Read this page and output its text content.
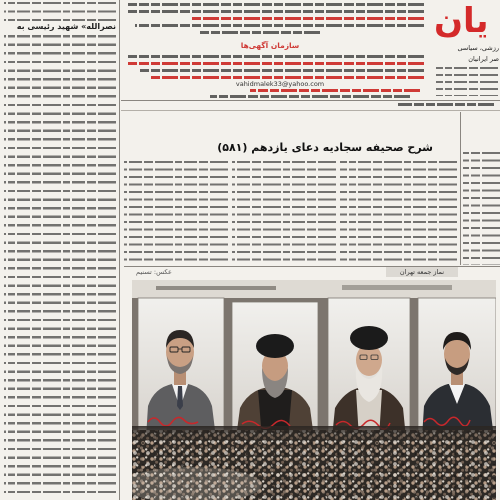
نصرالله» شهید رئیسی به
سازمان آگهی‌ها
vahidmalek33@yahoo.com
یان
رزشی، سیاسی
صر ایرانیان
شرح صحیفه سجادیه دعای یازدهم (۵۸۱)
نماز جمعه تهران
عکس: تسنیم
